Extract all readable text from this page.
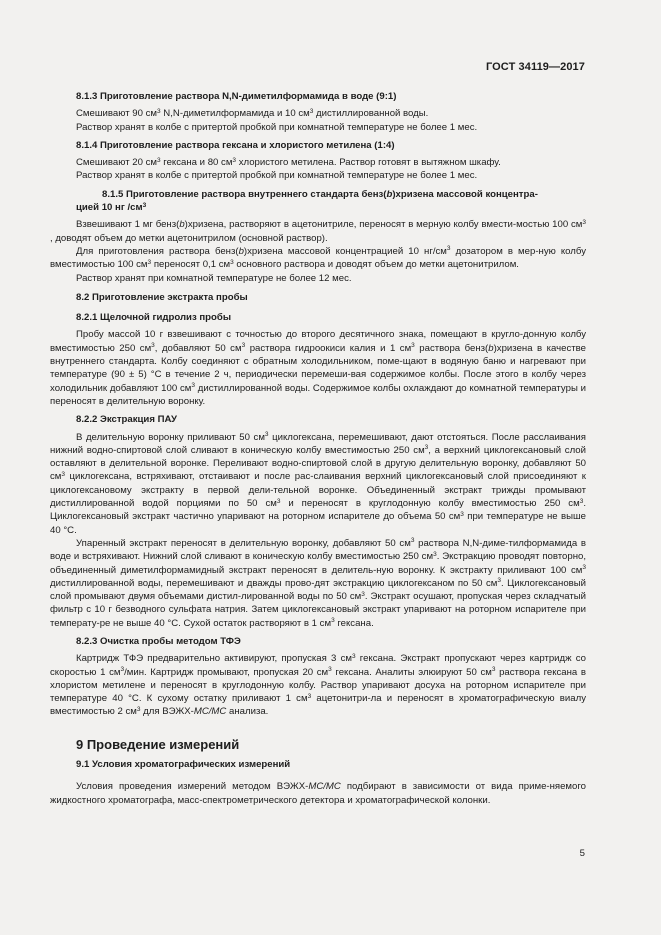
ГОСТ 34119—2017

8.1.3 Приготовление раствора N,N-диметилформамида в воде (9:1)

Смешивают 90 $см^3$ N,N-диметилформамида и 10 $см^3$ дистиллированной воды.

Раствор хранят в колбе с притертой пробкой при комнатной температуре не более 1 мес.

8.1.4 Приготовление раствора гексана и хлористого метилена (1:4)

Смешивают 20 $см^3$ гексана и 80 $см^3$ хлористого метилена. Раствор готовят в вытяжном шкафу.

Раствор хранят в колбе с притертой пробкой при комнатной температуре не более 1 мес.

8.1.5 Приготовление раствора внутреннего стандарта бенз(b)хризена массовой концентра-
цией 10 нг $/см^3$

Взвешивают 1 мг бенз(b)хризена, растворяют в ацетонитриле, переносят в мерную колбу вмести-мостью 100 $см^3$ , доводят объем до метки ацетонитрилом (основной раствор).

Для приготовления раствора бенз(b)хризена массовой концентрацией 10 $нг/см^3$ дозатором в мер-ную колбу вместимостью 100 $см^3$ переносят 0,1 $см^3$ основного раствора и доводят объем до метки ацетонитрилом.

Раствор хранят при комнатной температуре не более 12 мес.

8.2 Приготовление экстракта пробы

8.2.1 Щелочной гидролиз пробы

Пробу массой 10 г взвешивают с точностью до второго десятичного знака, помещают в кругло-донную колбу вместимостью 250 $см^3$, добавляют 50 $см^3$ раствора гидроокиси калия и 1 $см^3$ раствора бенз(b)хризена в качестве внутреннего стандарта. Колбу соединяют с обратным холодильником, поме-щают в водяную баню и нагревают при температуре (90 ± 5) °С в течение 2 ч, периодически перемеши-вая содержимое колбы. После этого в колбу через холодильник добавляют 100 $см^3$ дистиллированной воды. Содержимое колбы охлаждают до комнатной температуры и переносят в делительную воронку.

8.2.2 Экстракция ПАУ

В делительную воронку приливают 50 $см^3$ циклогексана, перемешивают, дают отстояться. После расслаивания нижний водно-спиртовой слой сливают в коническую колбу вместимостью 250 $см^3$, а верхний циклогексановый слой оставляют в делительной воронке. Переливают водно-спиртовой слой в другую делительную воронку, добавляют 50 $см^3$ циклогексана, встряхивают, отстаивают и после рас-слаивания верхний циклогексановый слой присоединяют к циклогексановому экстракту в первой дели-тельной воронке. Объединенный экстракт трижды промывают дистиллированной водой порциями по 50 $см^3$ и переносят в круглодонную колбу вместимостью 250 $см^3$. Циклогексановый экстракт частично упаривают на роторном испарителе до объема 50 $см^3$ при температуре не выше 40 °С.

Упаренный экстракт переносят в делительную воронку, добавляют 50 $см^3$ раствора N,N-диме-тилформамида в воде и встряхивают. Нижний слой сливают в коническую колбу вместимостью 250 $см^3$. Экстракцию проводят повторно, объединенный диметилформамидный экстракт переносят в делитель-ную воронку. К экстракту приливают 100 $см^3$ дистиллированной воды, перемешивают и дважды прово-дят экстракцию циклогексаном по 50 $см^3$. Циклогексановый слой промывают двумя объемами дистил-лированной воды по 50 $см^3$. Экстракт осушают, пропуская через складчатый фильтр с 10 г безводного сульфата натрия. Затем циклогексановый экстракт упаривают на роторном испарителе при температу-ре не выше 40 °С. Сухой остаток растворяют в 1 $см^3$ гексана.

8.2.3 Очистка пробы методом ТФЭ

Картридж ТФЭ предварительно активируют, пропуская 3 $см^3$ гексана. Экстракт пропускают через картридж со скоростью 1 $см^3$/мин. Картридж промывают, пропуская 20 $см^3$ гексана. Аналиты элюируют 50 $см^3$ раствора гексана в хлористом метилене и переносят в круглодонную колбу. Раствор упаривают досуха на роторном испарителе при температуре 40 °С. К сухому остатку приливают 1 $см^3$ ацетонитри-ла и переносят в хроматографическую виалу вместимостью 2 $см^3$ для ВЭЖХ-МС/МС анализа.

9 Проведение измерений

9.1 Условия хроматографических измерений

Условия проведения измерений методом ВЭЖХ-МС/МС подбирают в зависимости от вида приме-няемого жидкостного хроматографа, масс-спектрометрического детектора и хроматографической колонки.

5
